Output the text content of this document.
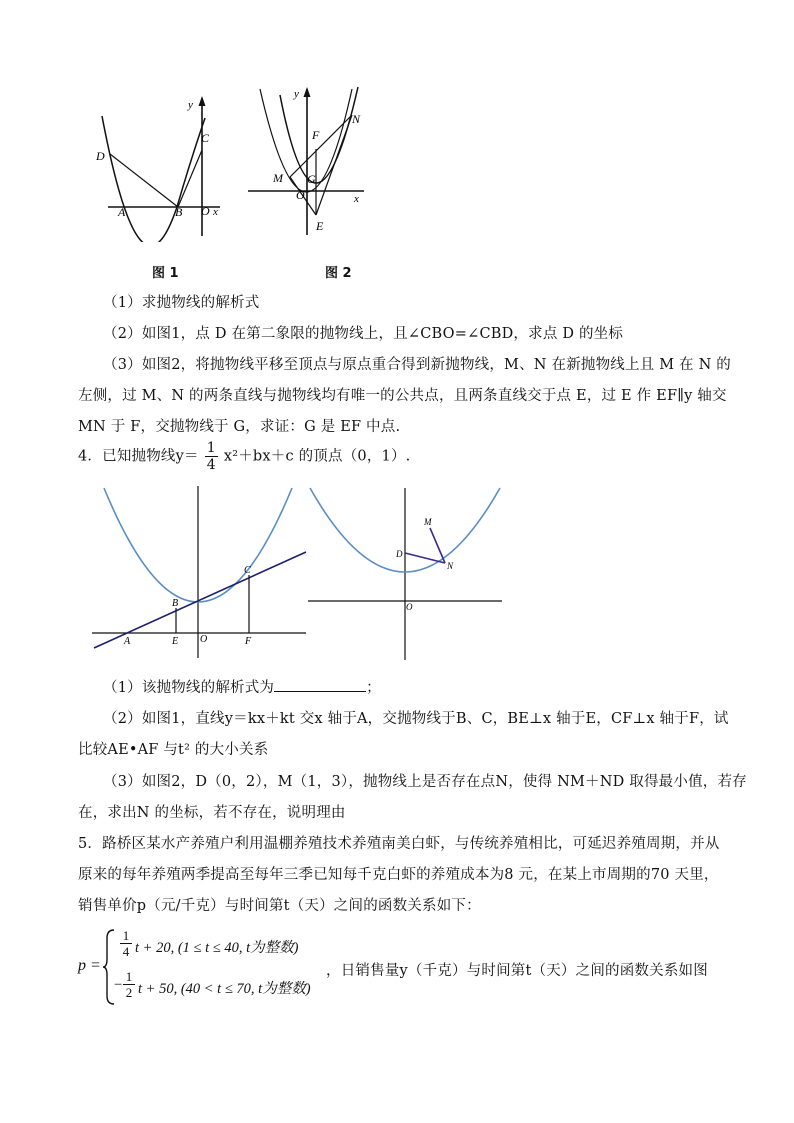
y
C
D
A	B O x
y
F
N
M G
O
E
x
图 1	图 2
（1）求抛物线的解析式
（2）如图1，点 D 在第二象限的抛物线上，且∠CBO=∠CBD，求点 D 的坐标
（3）如图2，将抛物线平移至顶点与原点重合得到新抛物线，M、N 在新抛物线上且 M 在 N 的
左侧，过 M、N 的两条直线与抛物线均有唯一的公共点，且两条直线交于点 E，过 E 作 EF∥y 轴交
MN 于 F，交抛物线于 G，求证：G 是 EF 中点.
4．已知抛物线$y= \frac{1}{4} x^2+bx+c$ 的顶点（0，1）.
C
B
A	E O	F
M
D
N
O
（1）该抛物线的解析式为	；
（2）如图1，直线y＝kx＋kt 交x 轴于A，交抛物线于B、C，BE⊥x 轴于E，CF⊥x 轴于F，试
比较AE•AF 与t² 的大小关系
（3）如图2，D（0，2），M（1，3），抛物线上是否存在点N，使得 NM＋ND 取得最小值，若存
在，求出N 的坐标，若不存在，说明理由
5．路桥区某水产养殖户利用温棚养殖技术养殖南美白虾，与传统养殖相比，可延迟养殖周期，并从
原来的每年养殖两季提高至每年三季已知每千克白虾的养殖成本为8 元，在某上市周期的70 天里，
销售单价p（元/千克）与时间第t（天）之间的函数关系如下：
p =
$\frac{1}{4}$ t + 20, (1 ≤ t ≤ 40, t为整数)
− $\frac{1}{2}$ t + 50, (40 < t ≤ 70, t为整数)
，日销售量y（千克）与时间第t（天）之间的函数关系如图
